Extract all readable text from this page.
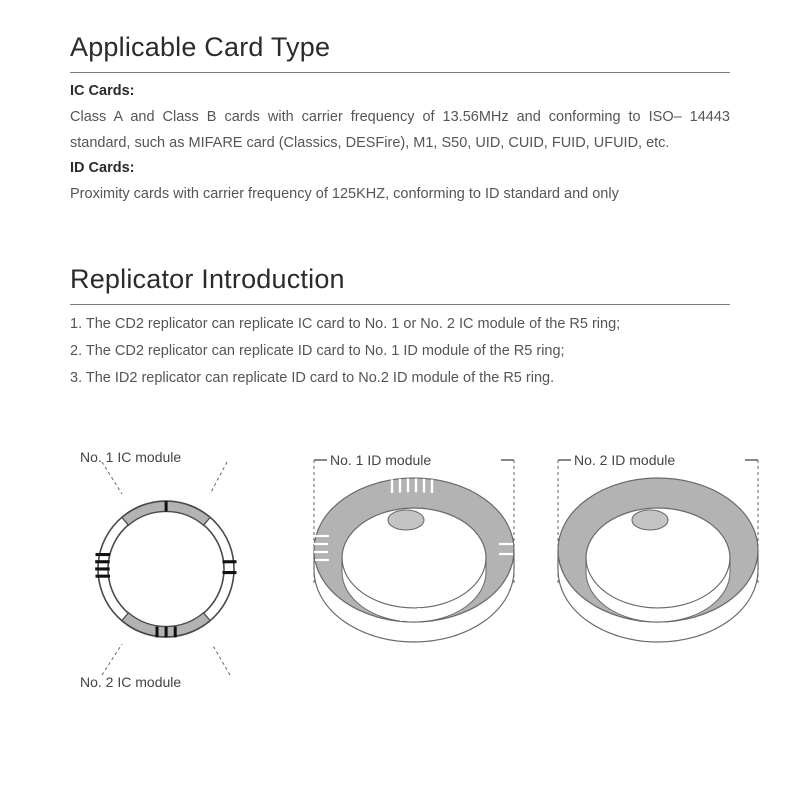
Applicable Card Type

IC Cards:

Class A and Class B cards with carrier frequency of 13.56MHz and conforming to ISO– 14443 standard, such as MIFARE card (Classics, DESFire), M1, S50, UID, CUID, FUID, UFUID, etc.

ID Cards:

Proximity cards with carrier frequency of 125KHZ, conforming to ID standard and only

Replicator Introduction
1. The CD2 replicator can replicate IC card to No. 1 or No. 2 IC module of the R5 ring;
2. The CD2 replicator can replicate ID card to No. 1 ID module of the R5 ring;
3. The ID2 replicator can replicate ID card to No.2 ID module of the R5 ring.
No. 1 IC module
No. 2 IC module
No. 1 ID module	No. 2 ID module
